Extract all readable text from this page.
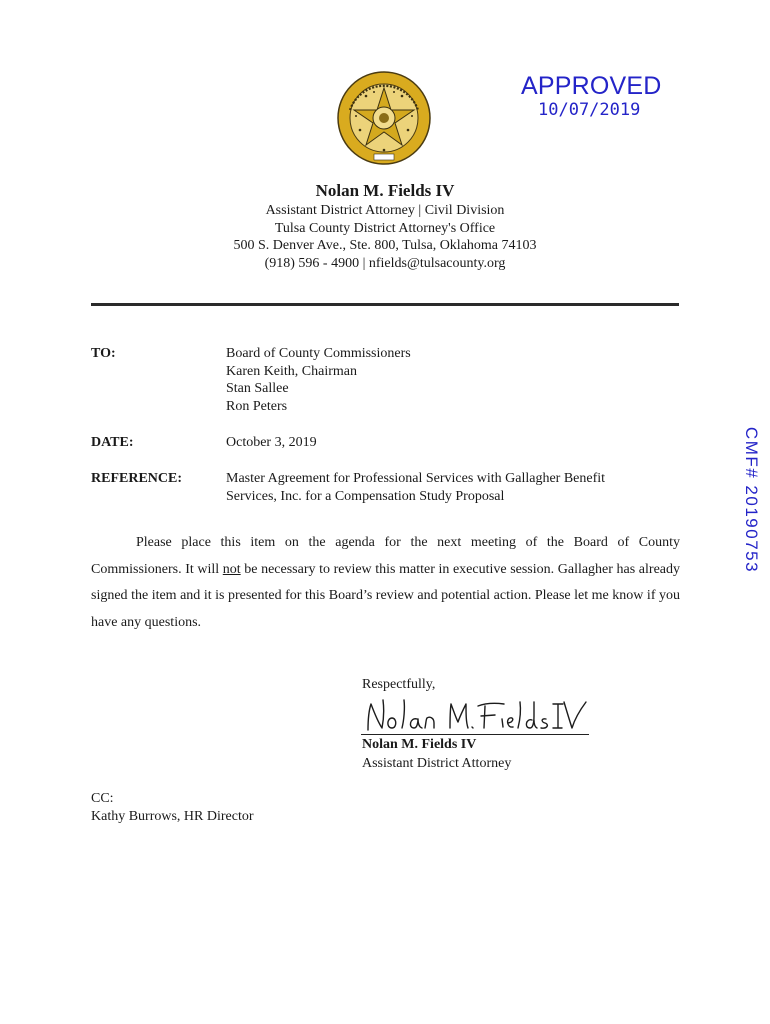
APPROVED
10/07/2019
Nolan M. Fields IV
Assistant District Attorney | Civil Division
Tulsa County District Attorney's Office
500 S. Denver Ave., Ste. 800, Tulsa, Oklahoma 74103
(918) 596 - 4900 | nfields@tulsacounty.org
TO:	Board of County Commissioners
Karen Keith, Chairman
Stan Sallee
Ron Peters
DATE:	October 3, 2019
REFERENCE:	Master Agreement for Professional Services with Gallagher Benefit
Services, Inc. for a Compensation Study Proposal

Please place this item on the agenda for the next meeting of the Board of County Commissioners. It will not be necessary to review this matter in executive session. Gallagher has already signed the item and it is presented for this Board’s review and potential action. Please let me know if you have any questions.

Respectfully,
Nolan M. Fields IV
Assistant District Attorney
CC:
Kathy Burrows, HR Director
CMF# 20190753
